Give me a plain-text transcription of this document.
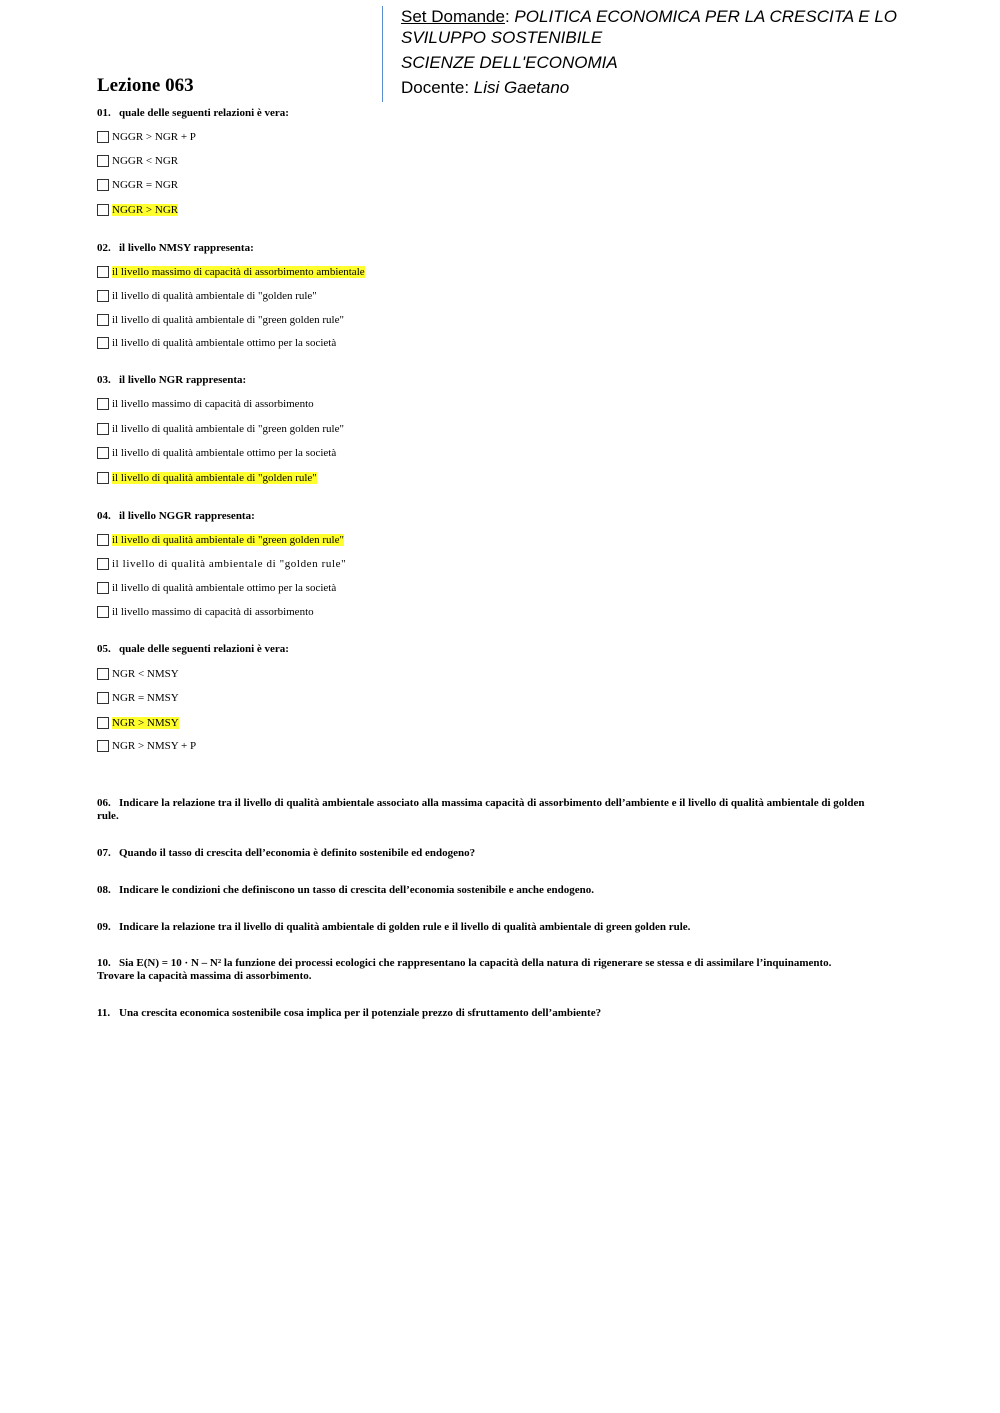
Set Domande: POLITICA ECONOMICA PER LA CRESCITA E LO SVILUPPO SOSTENIBILE

SCIENZE DELL'ECONOMIA

Docente: Lisi Gaetano

Lezione 063

01. quale delle seguenti relazioni è vera:

NGGR > NGR + P
NGGR < NGR
NGGR = NGR
NGGR > NGR

02. il livello NMSY rappresenta:

il livello massimo di capacità di assorbimento ambientale
il livello di qualità ambientale di "golden rule"
il livello di qualità ambientale di "green golden rule"
il livello di qualità ambientale ottimo per la società

03. il livello NGR rappresenta:

il livello massimo di capacità di assorbimento
il livello di qualità ambientale di "green golden rule"
il livello di qualità ambientale ottimo per la società
il livello di qualità ambientale di "golden rule"

04. il livello NGGR rappresenta:

il livello di qualità ambientale di "green golden rule"
il livello di qualità ambientale di "golden rule"
il livello di qualità ambientale ottimo per la società
il livello massimo di capacità di assorbimento

05. quale delle seguenti relazioni è vera:

NGR < NMSY
NGR = NMSY
NGR > NMSY
NGR > NMSY + P

06. Indicare la relazione tra il livello di qualità ambientale associato alla massima capacità di assorbimento dell’ambiente e il livello di qualità ambientale di golden rule.

07. Quando il tasso di crescita dell’economia è definito sostenibile ed endogeno?

08. Indicare le condizioni che definiscono un tasso di crescita dell’economia sostenibile e anche endogeno.

09. Indicare la relazione tra il livello di qualità ambientale di golden rule e il livello di qualità ambientale di green golden rule.

10. Sia E(N) = 10 · N – N² la funzione dei processi ecologici che rappresentano la capacità della natura di rigenerare se stessa e di assimilare l’inquinamento. Trovare la capacità massima di assorbimento.

11. Una crescita economica sostenibile cosa implica per il potenziale prezzo di sfruttamento dell’ambiente?
